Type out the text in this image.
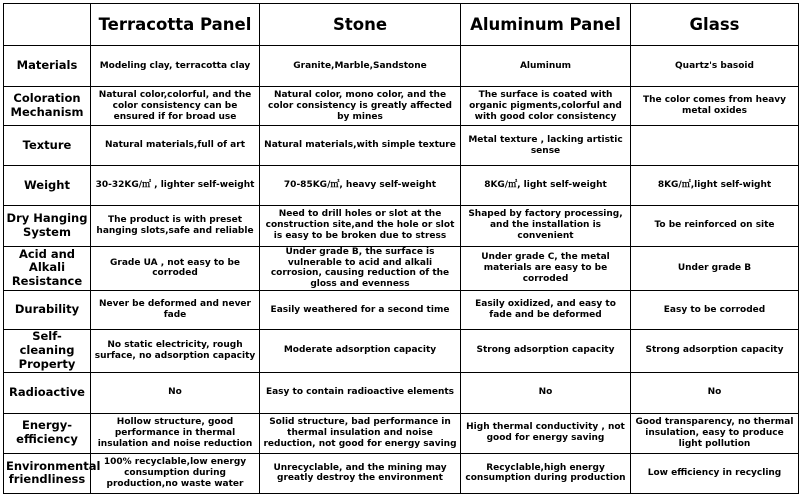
	Terracotta Panel	Stone	Aluminum Panel	Glass
Materials	Modeling clay, terracotta clay	Granite,Marble,Sandstone	Aluminum	Quartz's basoid
Coloration Mechanism	Natural color,colorful, and the color consistency can be ensured if for broad use	Natural color, mono color, and the color consistency is greatly affected by mines	The surface is coated with organic pigments,colorful and with good color consistency	The color comes from heavy metal oxides
Texture	Natural materials,full of art	Natural materials,with simple texture	Metal texture , lacking artistic sense	
Weight	30-32KG/㎡ , lighter self-weight	70-85KG/㎡, heavy self-weight	8KG/㎡, light self-weight	8KG/㎡,light self-wight
Dry Hanging System	The product is with preset hanging slots,safe and reliable	Need to drill holes or slot at the construction site,and the hole or slot is easy to be broken due to stress	Shaped by factory processing, and the installation is convenient	To be reinforced on site
Acid and Alkali Resistance	Grade UA , not easy to be corroded	Under grade B, the surface is vulnerable to acid and alkali corrosion, causing reduction of the gloss and evenness	Under grade C, the metal materials are easy to be corroded	Under grade B
Durability	Never be deformed and never fade	Easily weathered for a second time	Easily oxidized, and easy to fade and be deformed	Easy to be corroded
Self-cleaning Property	No static electricity, rough surface, no adsorption capacity	Moderate adsorption capacity	Strong adsorption capacity	Strong adsorption capacity
Radioactive	No	Easy to contain radioactive elements	No	No
Energy-efficiency	Hollow structure, good performance in thermal insulation and noise reduction	Solid structure, bad performance in thermal insulation and noise reduction, not good for energy saving	High thermal conductivity , not good for energy saving	Good transparency, no thermal insulation, easy to produce light pollution
Environmental friendliness	100% recyclable,low energy consumption during production,no waste water	Unrecyclable, and the mining may greatly destroy the environment	Recyclable,high energy consumption during production	Low efficiency in recycling
